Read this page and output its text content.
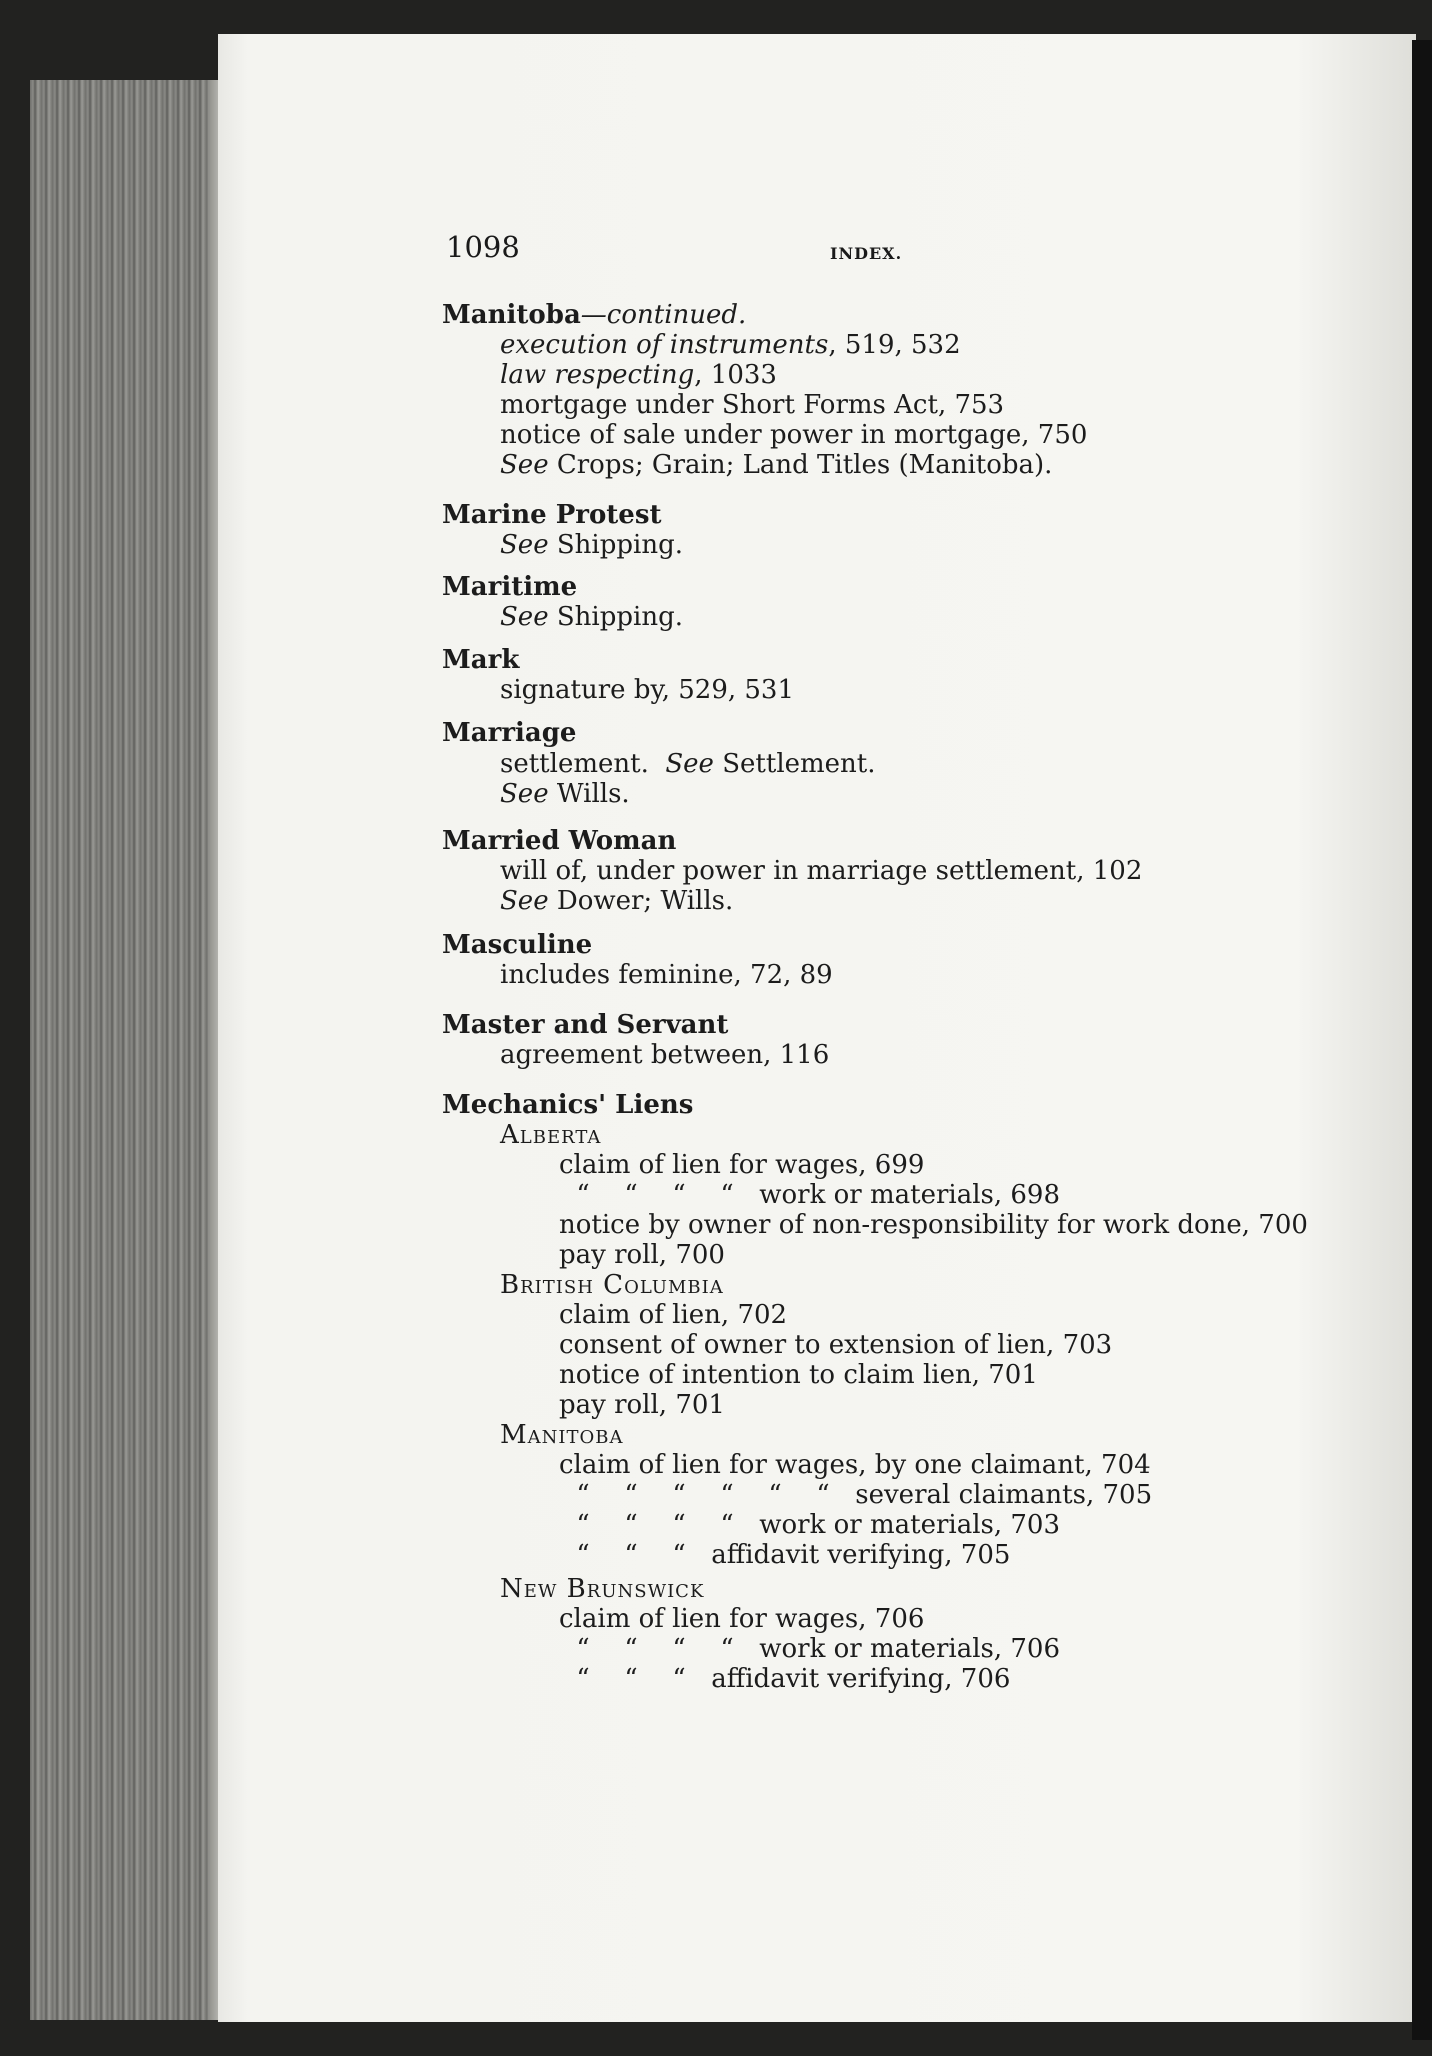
1098	INDEX.
Manitoba—continued.
execution of instruments, 519, 532
law respecting, 1033
mortgage under Short Forms Act, 753
notice of sale under power in mortgage, 750
See Crops; Grain; Land Titles (Manitoba).
Marine Protest
See Shipping.
Maritime
See Shipping.
Mark
signature by, 529, 531
Marriage
settlement.  See Settlement.
See Wills.
Married Woman
will of, under power in marriage settlement, 102
See Dower; Wills.
Masculine
includes feminine, 72, 89
Master and Servant
agreement between, 116
Mechanics' Liens
Alberta
claim of lien for wages, 699
“ “ “ “ work or materials, 698
notice by owner of non-responsibility for work done, 700
pay roll, 700
British Columbia
claim of lien, 702
consent of owner to extension of lien, 703
notice of intention to claim lien, 701
pay roll, 701
Manitoba
claim of lien for wages, by one claimant, 704
“ “ “ “ “ “ several claimants, 705
“ “ “ “ work or materials, 703
“ “ “ affidavit verifying, 705
New Brunswick
claim of lien for wages, 706
“ “ “ “ work or materials, 706
“ “ “ affidavit verifying, 706
